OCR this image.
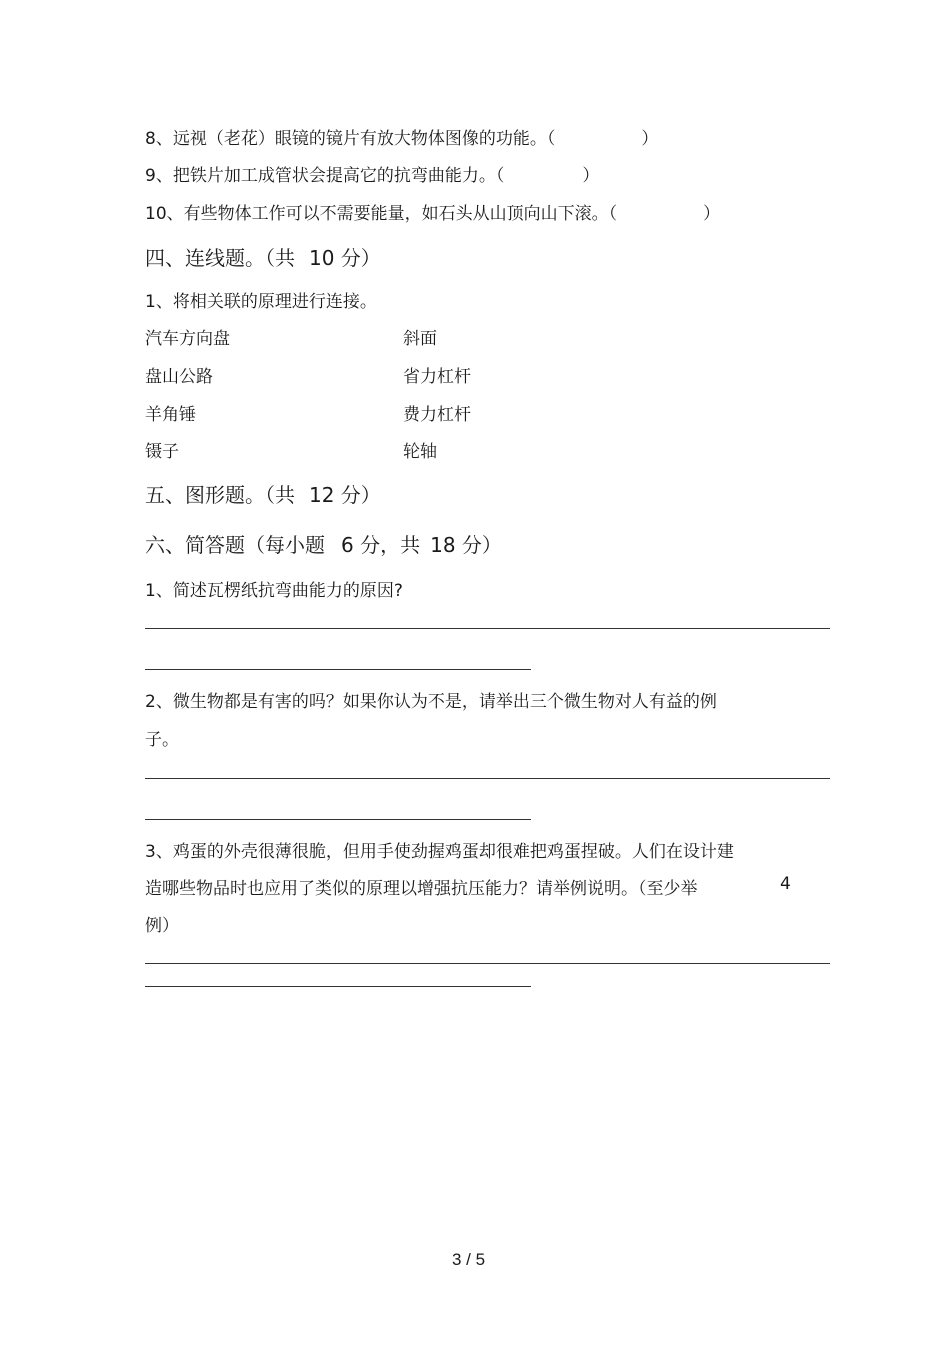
8、远视（老花）眼镜的镜片有放大物体图像的功能。（	）
9、把铁片加工成管状会提高它的抗弯曲能力。（	）
10、有些物体工作可以不需要能量，如石头从山顶向山下滚。（	）
四、连线题。（共 10 分）
1、将相关联的原理进行连接。
汽车方向盘	斜面
盘山公路	省力杠杆
羊角锤	费力杠杆
镊子	轮轴
五、图形题。（共 12 分）
六、简答题（每小题 6 分，共 18 分）
1、简述瓦楞纸抗弯曲能力的原因?
2、微生物都是有害的吗？如果你认为不是，请举出三个微生物对人有益的例
子。
3、鸡蛋的外壳很薄很脆，但用手使劲握鸡蛋却很难把鸡蛋捏破。人们在设计建
造哪些物品时也应用了类似的原理以增强抗压能力？请举例说明。（至少举	4
例）
3 / 5
